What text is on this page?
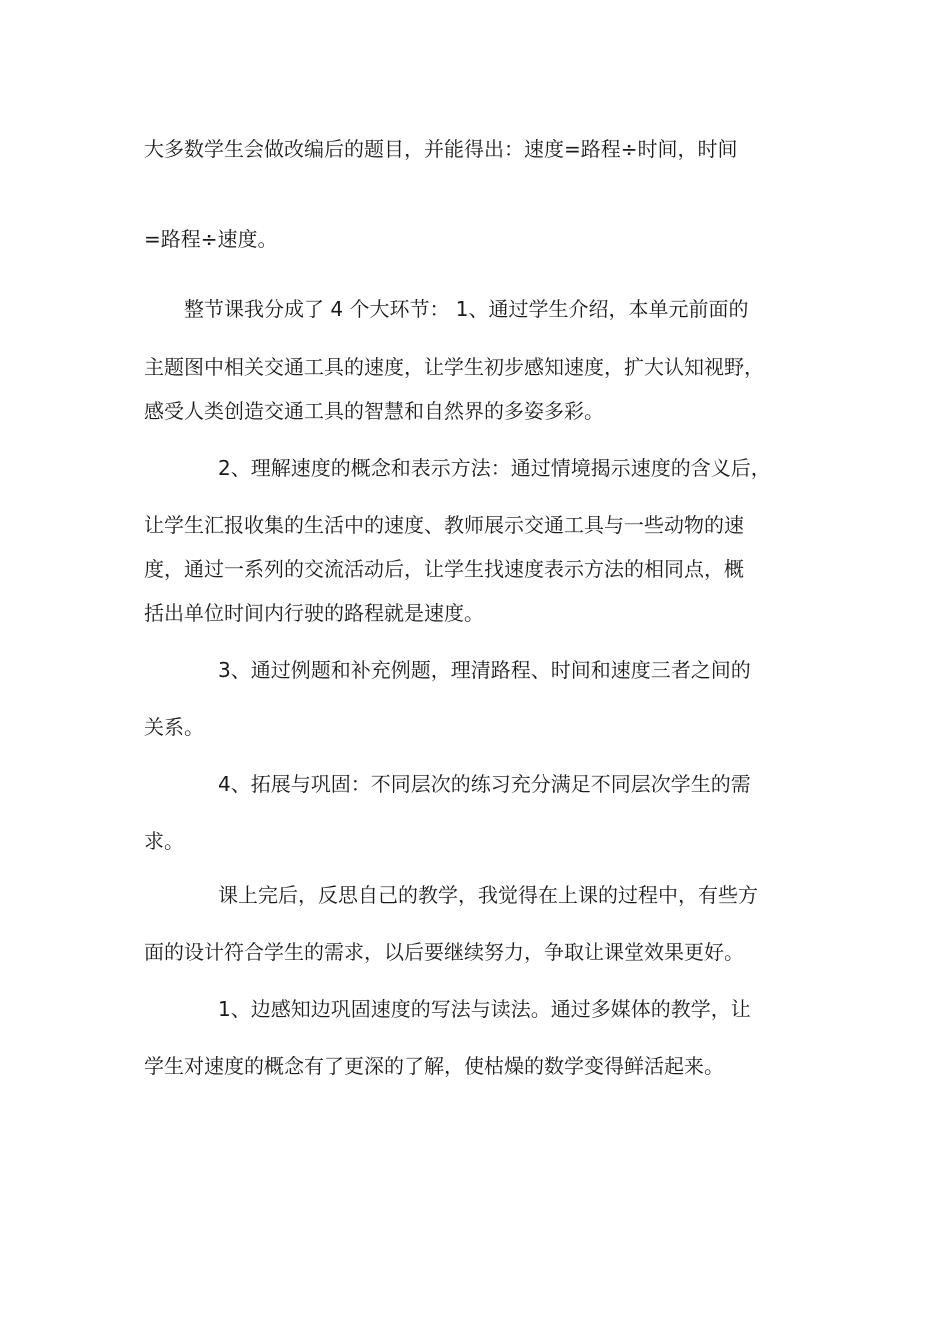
大多数学生会做改编后的题目，并能得出：速度=路程÷时间，时间
=路程÷速度。
整节课我分成了 4 个大环节： 1、通过学生介绍，本单元前面的
主题图中相关交通工具的速度，让学生初步感知速度，扩大认知视野，
感受人类创造交通工具的智慧和自然界的多姿多彩。
2、理解速度的概念和表示方法：通过情境揭示速度的含义后，
让学生汇报收集的生活中的速度、教师展示交通工具与一些动物的速
度，通过一系列的交流活动后，让学生找速度表示方法的相同点，概
括出单位时间内行驶的路程就是速度。
3、通过例题和补充例题，理清路程、时间和速度三者之间的
关系。
4、拓展与巩固：不同层次的练习充分满足不同层次学生的需
求。
课上完后，反思自己的教学，我觉得在上课的过程中，有些方
面的设计符合学生的需求，以后要继续努力，争取让课堂效果更好。
1、边感知边巩固速度的写法与读法。通过多媒体的教学，让
学生对速度的概念有了更深的了解，使枯燥的数学变得鲜活起来。
